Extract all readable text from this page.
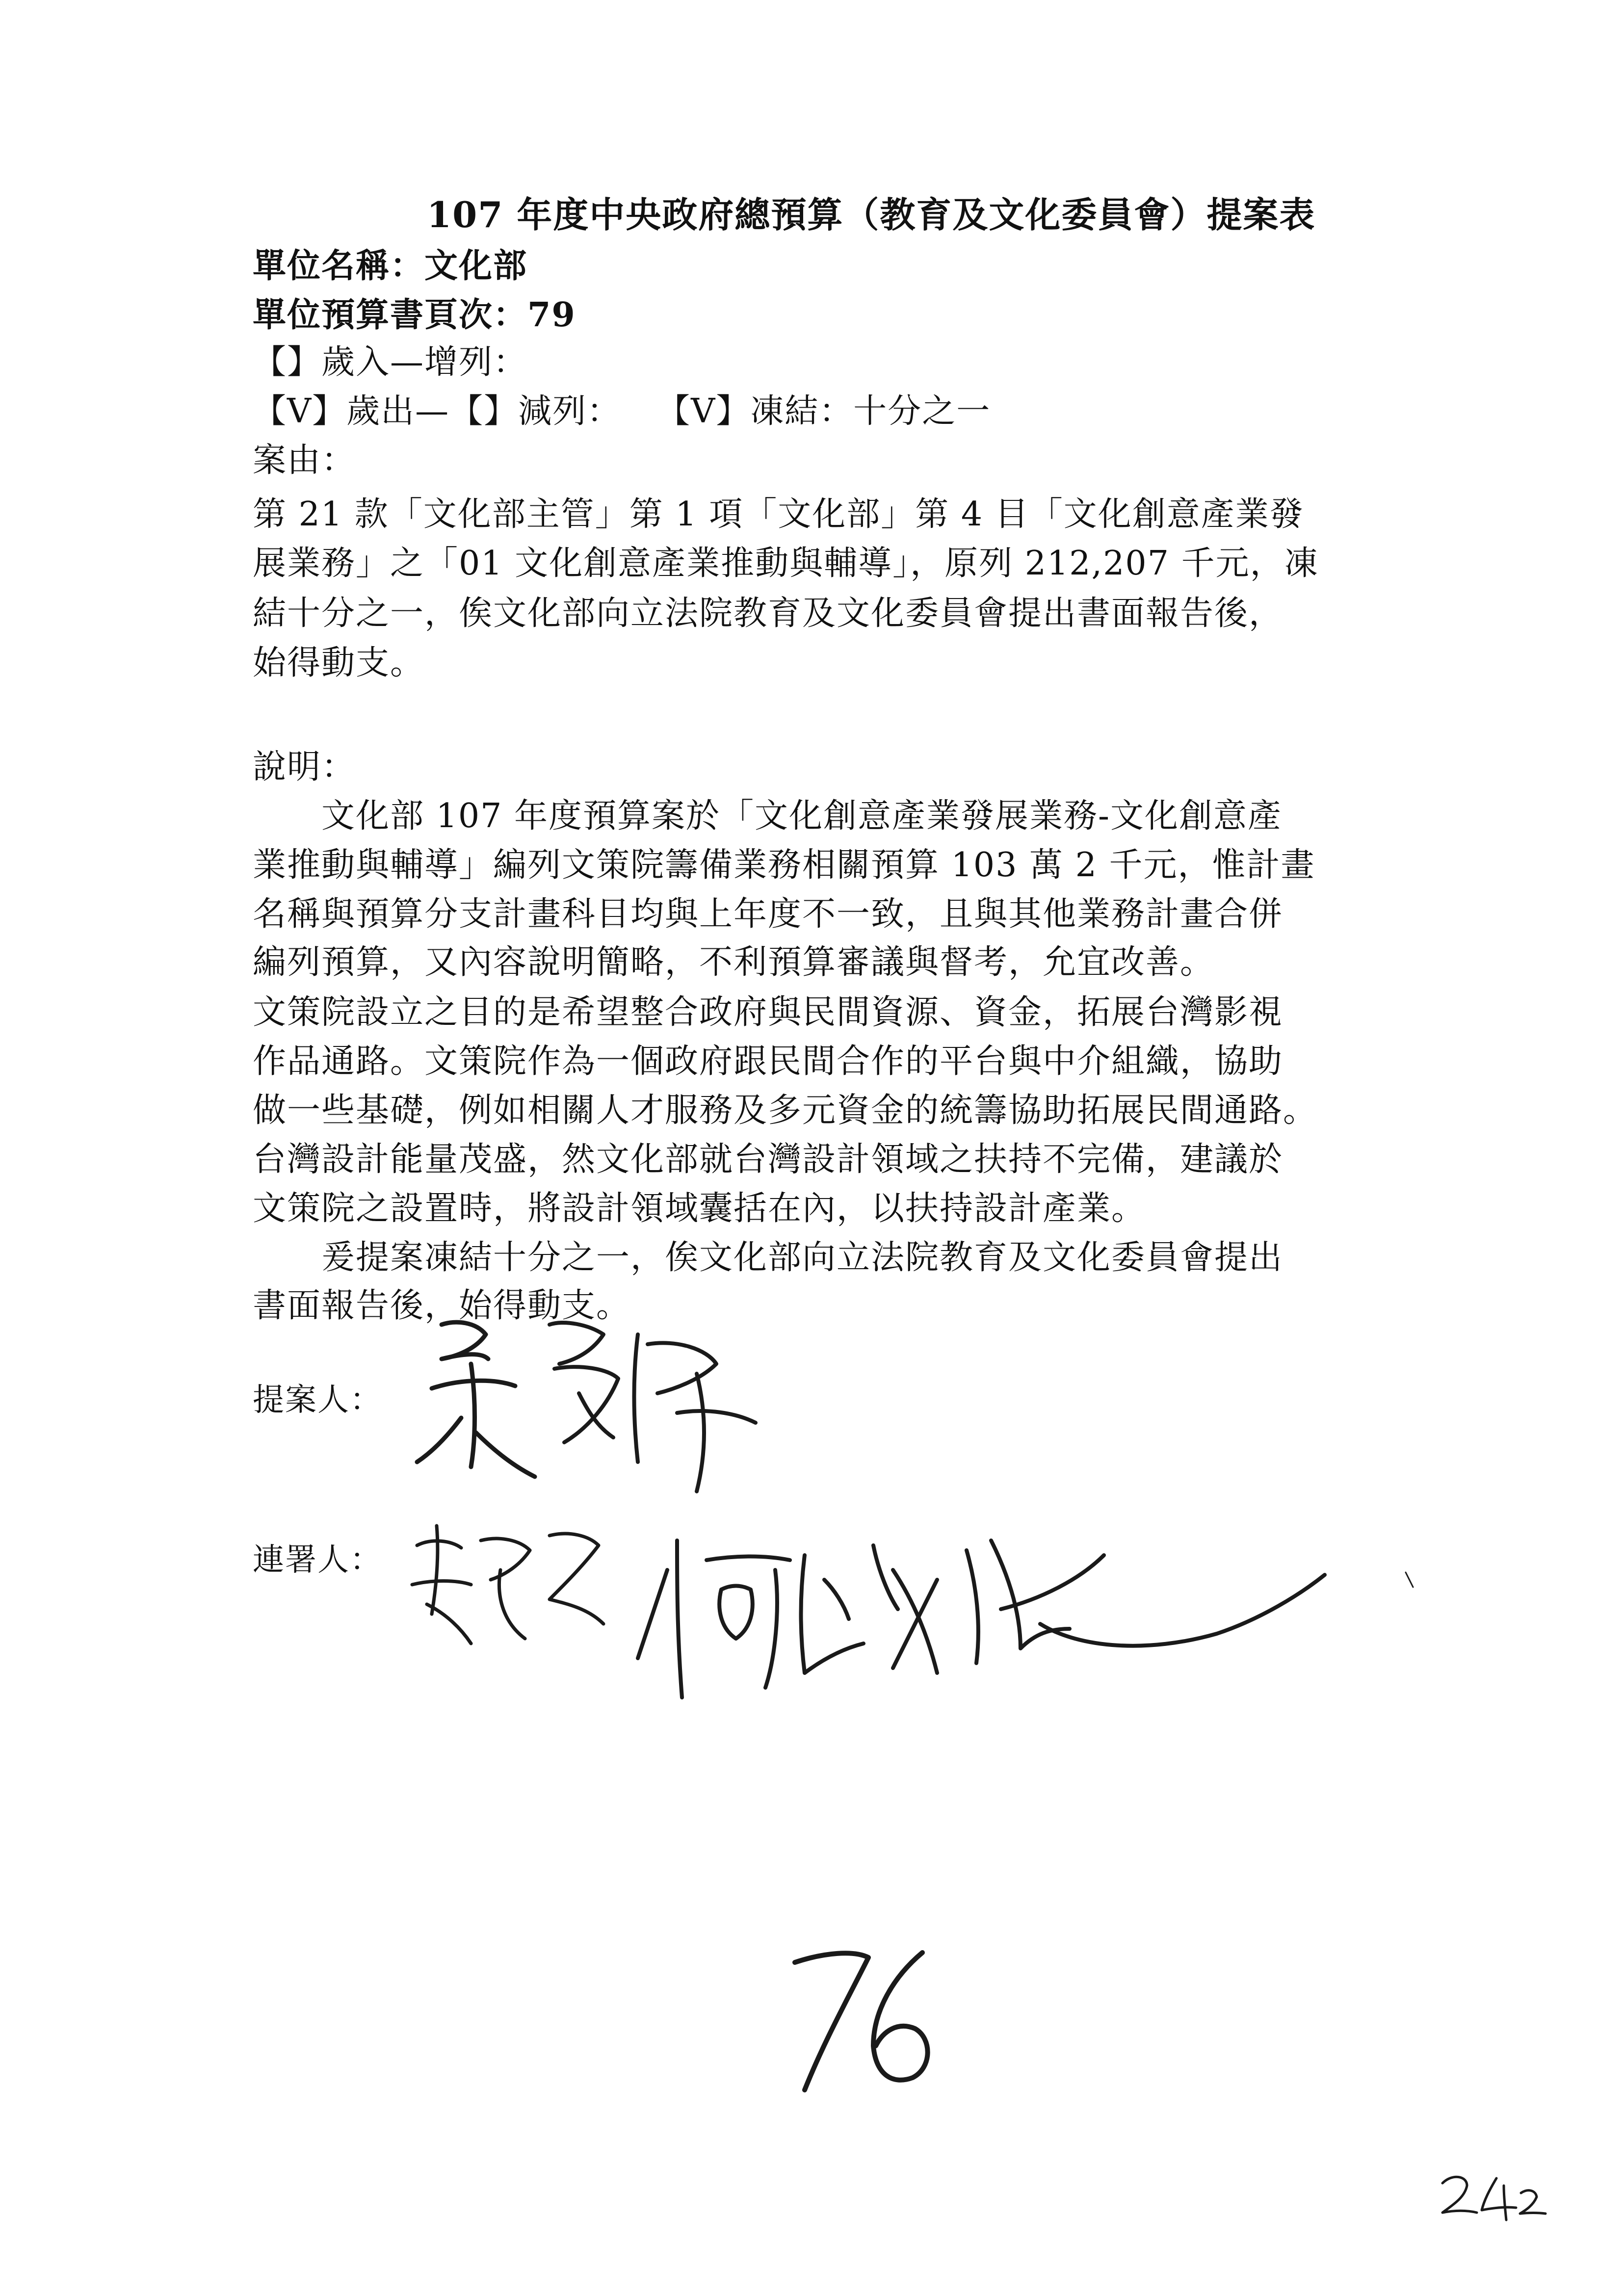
107 年度中央政府總預算（教育及文化委員會）提案表
單位名稱：文化部
單位預算書頁次：79
【】歲入—增列：
【V】歲出—【】減列：　　【V】凍結：十分之一
案由：
第 21 款「文化部主管」第 1 項「文化部」第 4 目「文化創意產業發
展業務」之「01 文化創意產業推動與輔導」，原列 212,207 千元，凍
結十分之一，俟文化部向立法院教育及文化委員會提出書面報告後，
始得動支。
說明：
　　文化部 107 年度預算案於「文化創意產業發展業務-文化創意產
業推動與輔導」編列文策院籌備業務相關預算 103 萬 2 千元，惟計畫
名稱與預算分支計畫科目均與上年度不一致，且與其他業務計畫合併
編列預算，又內容說明簡略，不利預算審議與督考，允宜改善。
文策院設立之目的是希望整合政府與民間資源、資金，拓展台灣影視
作品通路。文策院作為一個政府跟民間合作的平台與中介組織，協助
做一些基礎，例如相關人才服務及多元資金的統籌協助拓展民間通路。
台灣設計能量茂盛，然文化部就台灣設計領域之扶持不完備，建議於
文策院之設置時，將設計領域囊括在內，以扶持設計產業。
　　爰提案凍結十分之一，俟文化部向立法院教育及文化委員會提出
書面報告後，始得動支。
提案人：
連署人：
